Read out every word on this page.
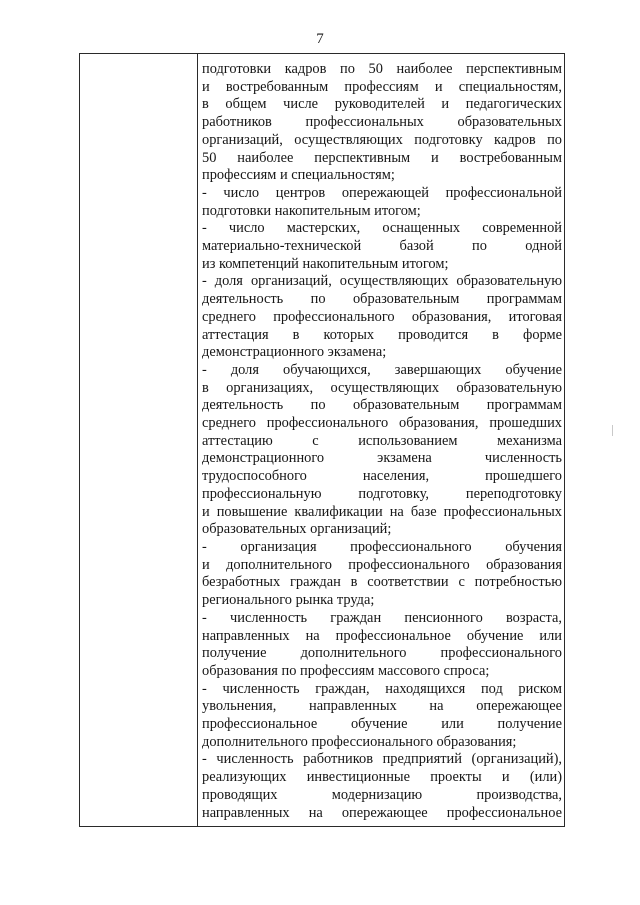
7
подготовки кадров по 50 наиболее перспективным
и востребованным профессиям и специальностям,
в общем числе руководителей и педагогических
работников профессиональных образовательных
организаций, осуществляющих подготовку кадров по
50 наиболее перспективным и востребованным
профессиям и специальностям;
- число центров опережающей профессиональной
подготовки накопительным итогом;
- число мастерских, оснащенных современной
материально-технической базой по одной
из компетенций накопительным итогом;
- доля организаций, осуществляющих образовательную
деятельность по образовательным программам
среднего профессионального образования, итоговая
аттестация в которых проводится в форме
демонстрационного экзамена;
- доля обучающихся, завершающих обучение
в организациях, осуществляющих образовательную
деятельность по образовательным программам
среднего профессионального образования, прошедших
аттестацию с использованием механизма
демонстрационного экзамена численность
трудоспособного населения, прошедшего
профессиональную подготовку, переподготовку
и повышение квалификации на базе профессиональных
образовательных организаций;
- организация профессионального обучения
и дополнительного профессионального образования
безработных граждан в соответствии с потребностью
регионального рынка труда;
- численность граждан пенсионного возраста,
направленных на профессиональное обучение или
получение дополнительного профессионального
образования по профессиям массового спроса;
- численность граждан, находящихся под риском
увольнения, направленных на опережающее
профессиональное обучение или получение
дополнительного профессионального образования;
- численность работников предприятий (организаций),
реализующих инвестиционные проекты и (или)
проводящих модернизацию производства,
направленных на опережающее профессиональное
